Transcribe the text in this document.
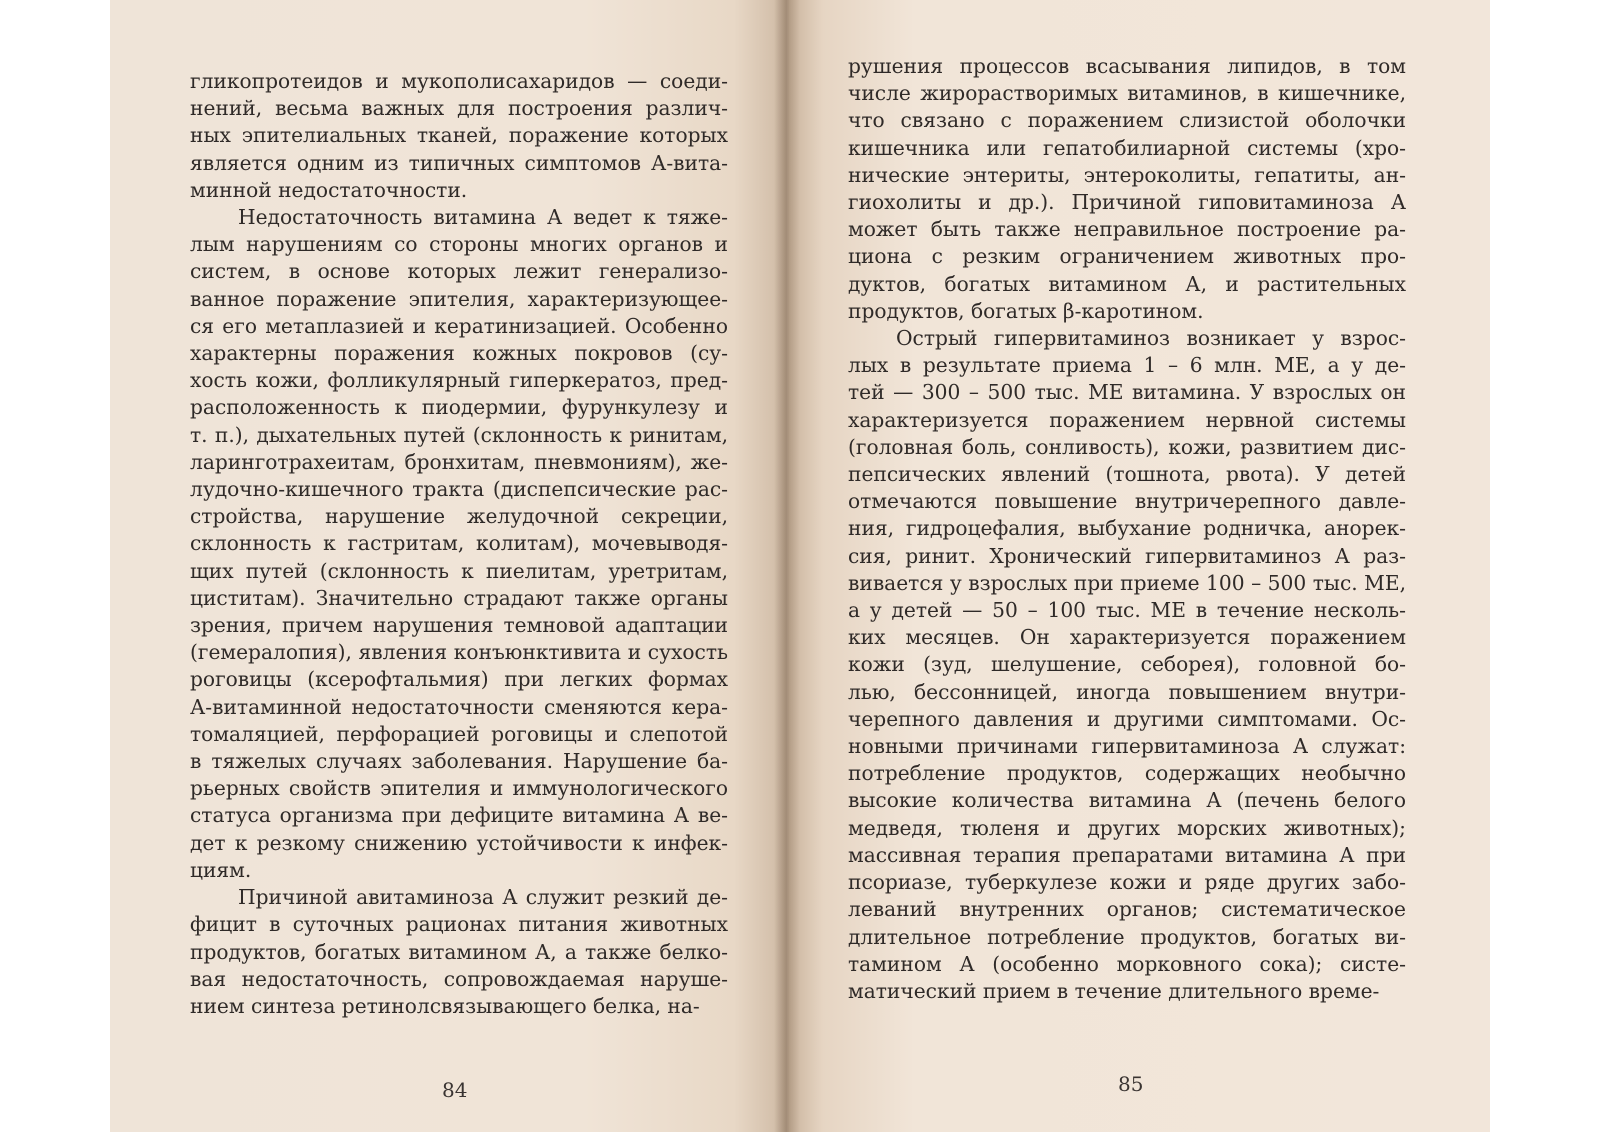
гликопротеидов и мукополисахаридов — соеди-
нений, весьма важных для построения различ-
ных эпителиальных тканей, поражение которых
является одним из типичных симптомов А-вита-
минной недостаточности.

Недостаточность витамина А ведет к тяже-
лым нарушениям со стороны многих органов и
систем, в основе которых лежит генерализо-
ванное поражение эпителия, характеризующее-
ся его метаплазией и кератинизацией. Особенно
характерны поражения кожных покровов (су-
хость кожи, фолликулярный гиперкератоз, пред-
расположенность к пиодермии, фурункулезу и
т. п.), дыхательных путей (склонность к ринитам,
ларинготрахеитам, бронхитам, пневмониям), же-
лудочно-кишечного тракта (диспепсические рас-
стройства, нарушение желудочной секреции,
склонность к гастритам, колитам), мочевыводя-
щих путей (склонность к пиелитам, уретритам,
циститам). Значительно страдают также органы
зрения, причем нарушения темновой адаптации
(гемералопия), явления конъюнктивита и сухость
роговицы (ксерофтальмия) при легких формах
А-витаминной недостаточности сменяются кера-
томаляцией, перфорацией роговицы и слепотой
в тяжелых случаях заболевания. Нарушение ба-
рьерных свойств эпителия и иммунологического
статуса организма при дефиците витамина А ве-
дет к резкому снижению устойчивости к инфек-
циям.

Причиной авитаминоза А служит резкий де-
фицит в суточных рационах питания животных
продуктов, богатых витамином А, а также белко-
вая недостаточность, сопровождаемая наруше-
нием синтеза ретинолсвязывающего белка, на-

84

рушения процессов всасывания липидов, в том
числе жирорастворимых витаминов, в кишечнике,
что связано с поражением слизистой оболочки
кишечника или гепатобилиарной системы (хро-
нические энтериты, энтероколиты, гепатиты, ан-
гиохолиты и др.). Причиной гиповитаминоза А
может быть также неправильное построение ра-
циона с резким ограничением животных про-
дуктов, богатых витамином А, и растительных
продуктов, богатых β-каротином.

Острый гипервитаминоз возникает у взрос-
лых в результате приема 1 – 6 млн. МЕ, а у де-
тей — 300 – 500 тыс. МЕ витамина. У взрослых он
характеризуется поражением нервной системы
(головная боль, сонливость), кожи, развитием дис-
пепсических явлений (тошнота, рвота). У детей
отмечаются повышение внутричерепного давле-
ния, гидроцефалия, выбухание родничка, анорек-
сия, ринит. Хронический гипервитаминоз А раз-
вивается у взрослых при приеме 100 – 500 тыс. МЕ,
а у детей — 50 – 100 тыс. МЕ в течение несколь-
ких месяцев. Он характеризуется поражением
кожи (зуд, шелушение, себорея), головной бо-
лью, бессонницей, иногда повышением внутри-
черепного давления и другими симптомами. Ос-
новными причинами гипервитаминоза А служат:
потребление продуктов, содержащих необычно
высокие количества витамина А (печень белого
медведя, тюленя и других морских животных);
массивная терапия препаратами витамина А при
псориазе, туберкулезе кожи и ряде других забо-
леваний внутренних органов; систематическое
длительное потребление продуктов, богатых ви-
тамином А (особенно морковного сока); систе-
матический прием в течение длительного време-

85
